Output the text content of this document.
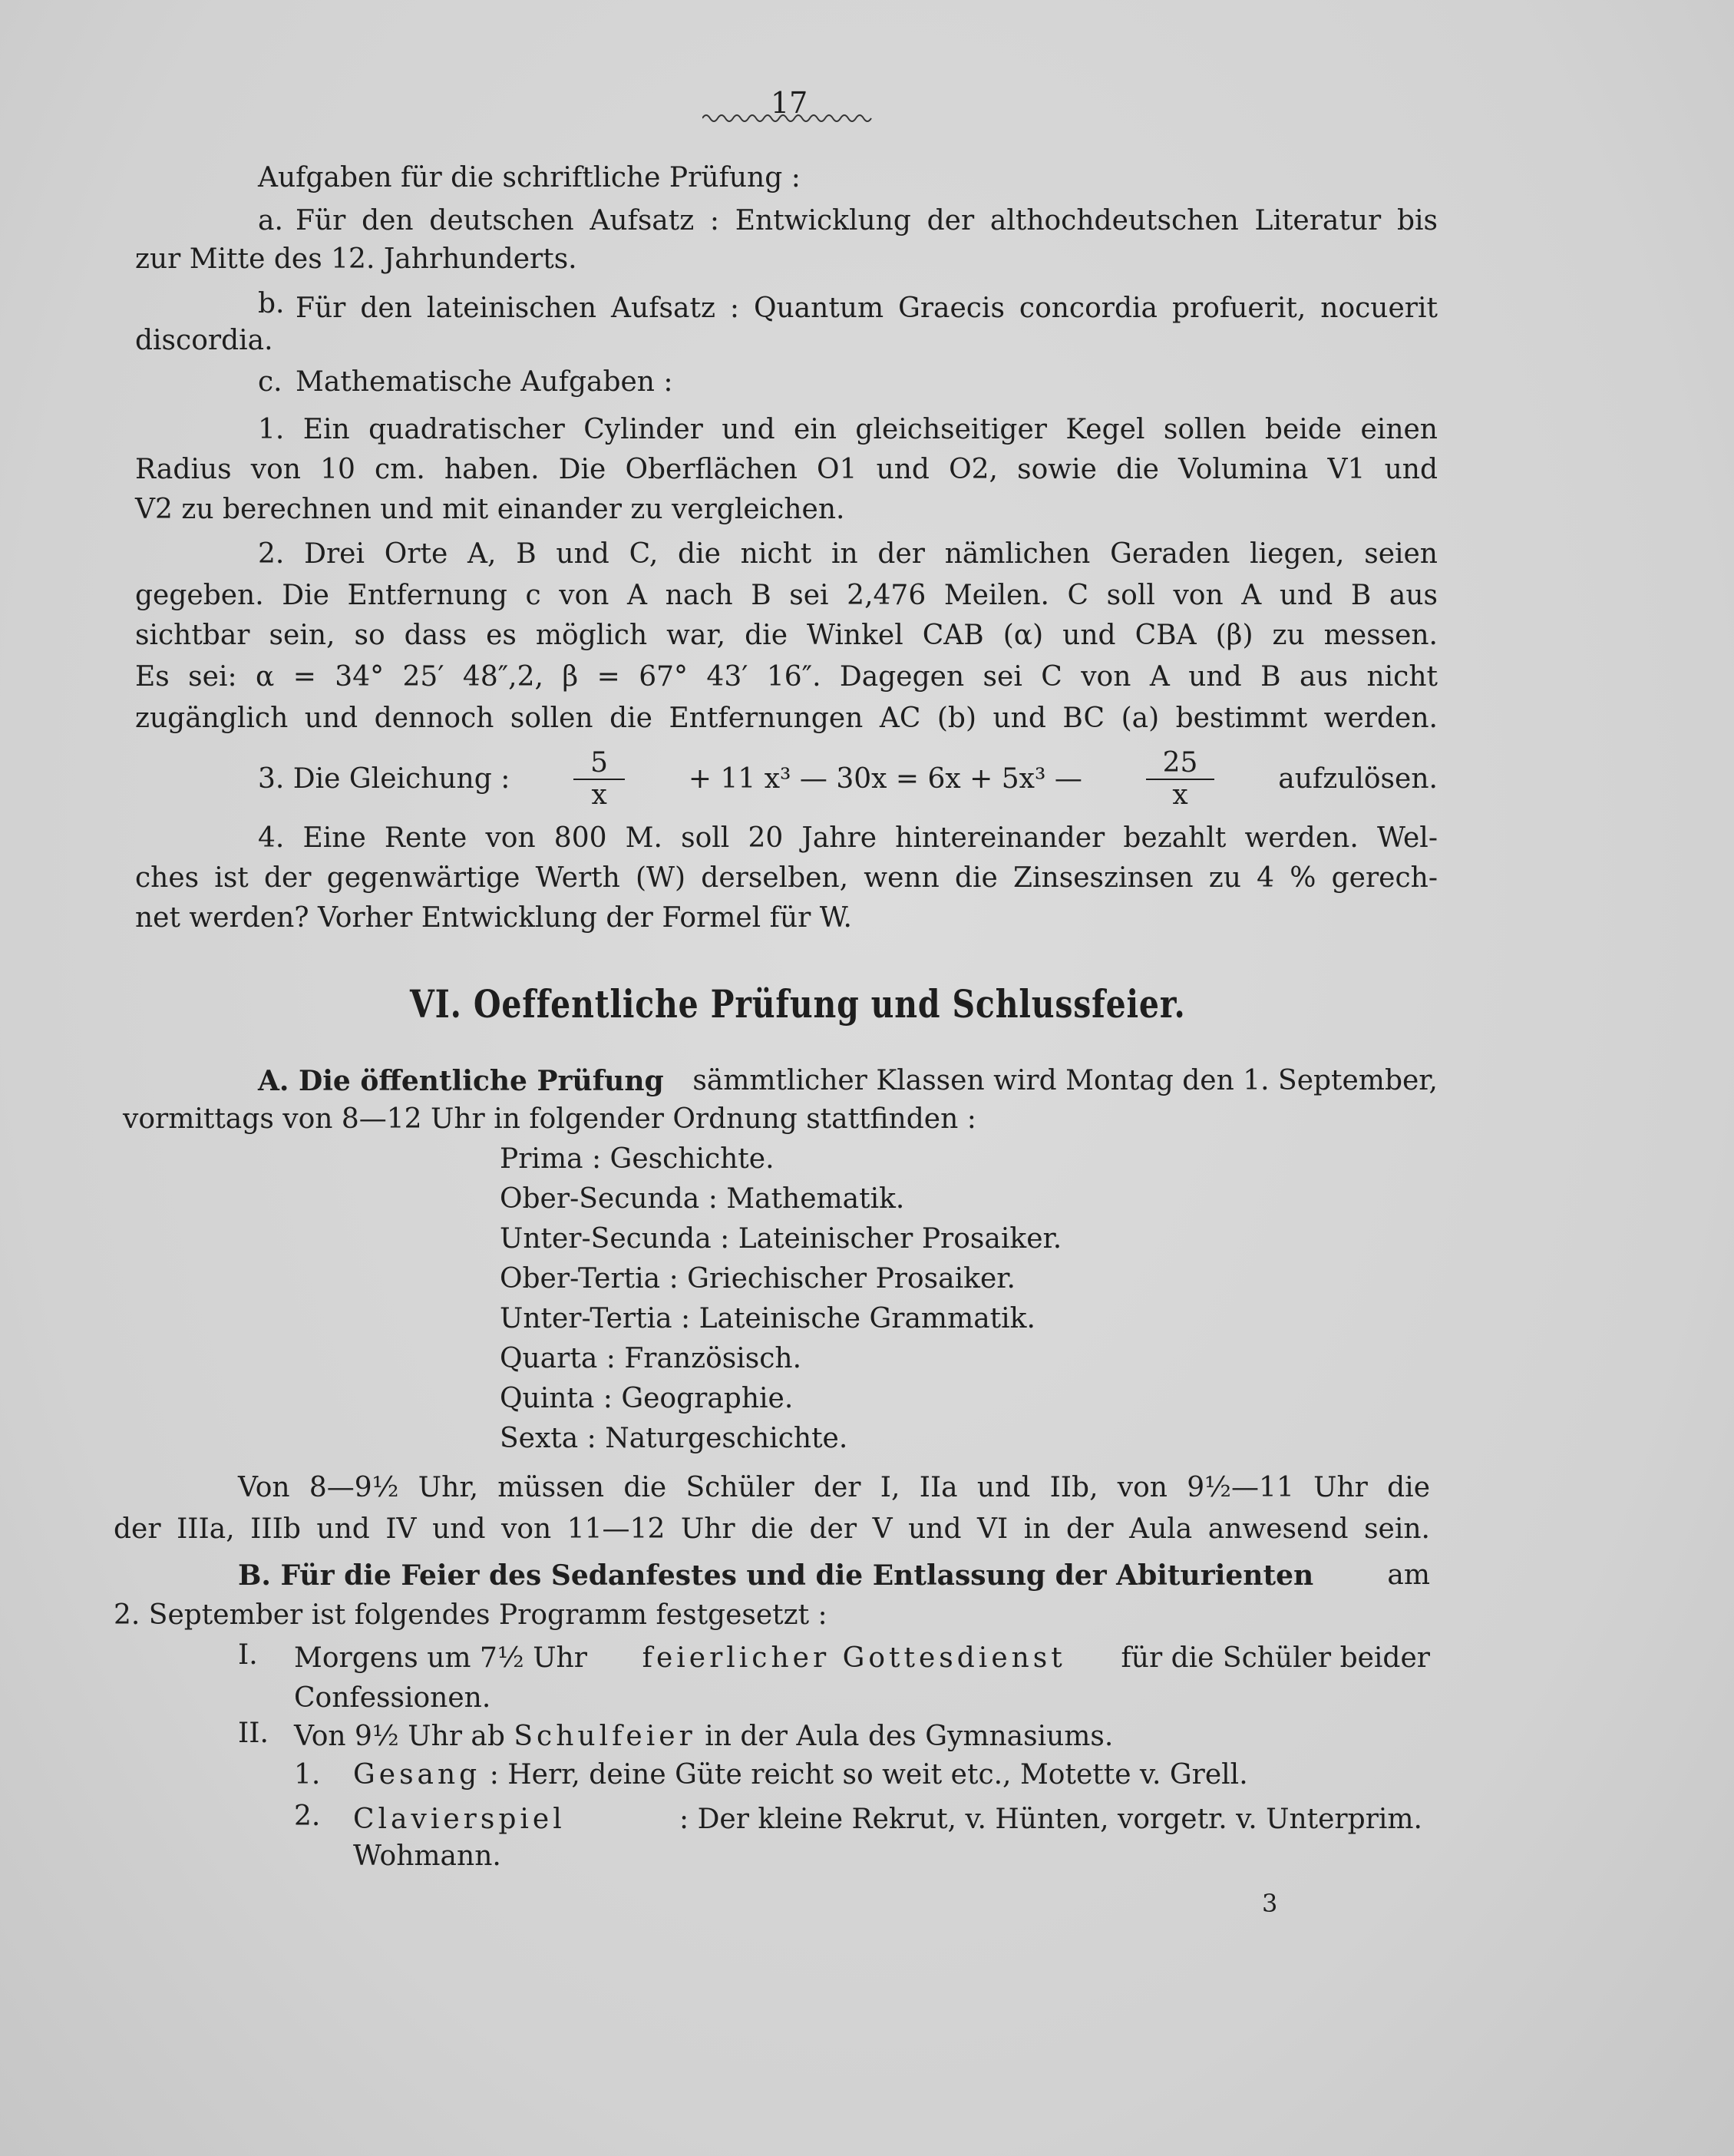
17
Aufgaben für die schriftliche Prüfung :
a. Für den deutschen Aufsatz : Entwicklung der althochdeutschen Literatur bis
zur Mitte des 12. Jahrhunderts.
b. Für den lateinischen Aufsatz : Quantum Graecis concordia profuerit, nocuerit
discordia.
c. Mathematische Aufgaben :
1. Ein quadratischer Cylinder und ein gleichseitiger Kegel sollen beide einen
Radius von 10 cm. haben. Die Oberflächen O1 und O2, sowie die Volumina V1 und
V2 zu berechnen und mit einander zu vergleichen.
2. Drei Orte A, B und C, die nicht in der nämlichen Geraden liegen, seien
gegeben. Die Entfernung c von A nach B sei 2,476 Meilen. C soll von A und B aus
sichtbar sein, so dass es möglich war, die Winkel CAB (α) und CBA (β) zu messen.
Es sei: α = 34° 25′ 48″,2, β = 67° 43′ 16″. Dagegen sei C von A und B aus nicht
zugänglich und dennoch sollen die Entfernungen AC (b) und BC (a) bestimmt werden.
3. Die Gleichung : $\frac{5}{x} + 11$ x³ — 30x = 6x + 5x³ — $\frac{25}{x}$ aufzulösen.
4. Eine Rente von 800 M. soll 20 Jahre hintereinander bezahlt werden. Wel-
ches ist der gegenwärtige Werth (W) derselben, wenn die Zinseszinsen zu 4 % gerech-
net werden? Vorher Entwicklung der Formel für W.
VI. Oeffentliche Prüfung und Schlussfeier.
A. Die öffentliche Prüfung sämmtlicher Klassen wird Montag den 1. September,
vormittags von 8—12 Uhr in folgender Ordnung stattfinden :
Prima : Geschichte.
Ober-Secunda : Mathematik.
Unter-Secunda : Lateinischer Prosaiker.
Ober-Tertia : Griechischer Prosaiker.
Unter-Tertia : Lateinische Grammatik.
Quarta : Französisch.
Quinta : Geographie.
Sexta : Naturgeschichte.
Von 8—9½ Uhr, müssen die Schüler der I, IIa und IIb, von 9½—11 Uhr die
der IIIa, IIIb und IV und von 11—12 Uhr die der V und VI in der Aula anwesend sein.
B. Für die Feier des Sedanfestes und die Entlassung der Abiturienten	am
2. September ist folgendes Programm festgesetzt :
I. Morgens um 7½ Uhr feierlicher Gottesdienst für die Schüler beider
Confessionen.
II. Von 9½ Uhr ab Schulfeier in der Aula des Gymnasiums.
1. Gesang : Herr, deine Güte reicht so weit etc., Motette v. Grell.
2. Clavierspiel	: Der kleine Rekrut, v. Hünten, vorgetr. v. Unterprim.
Wohmann.
3
